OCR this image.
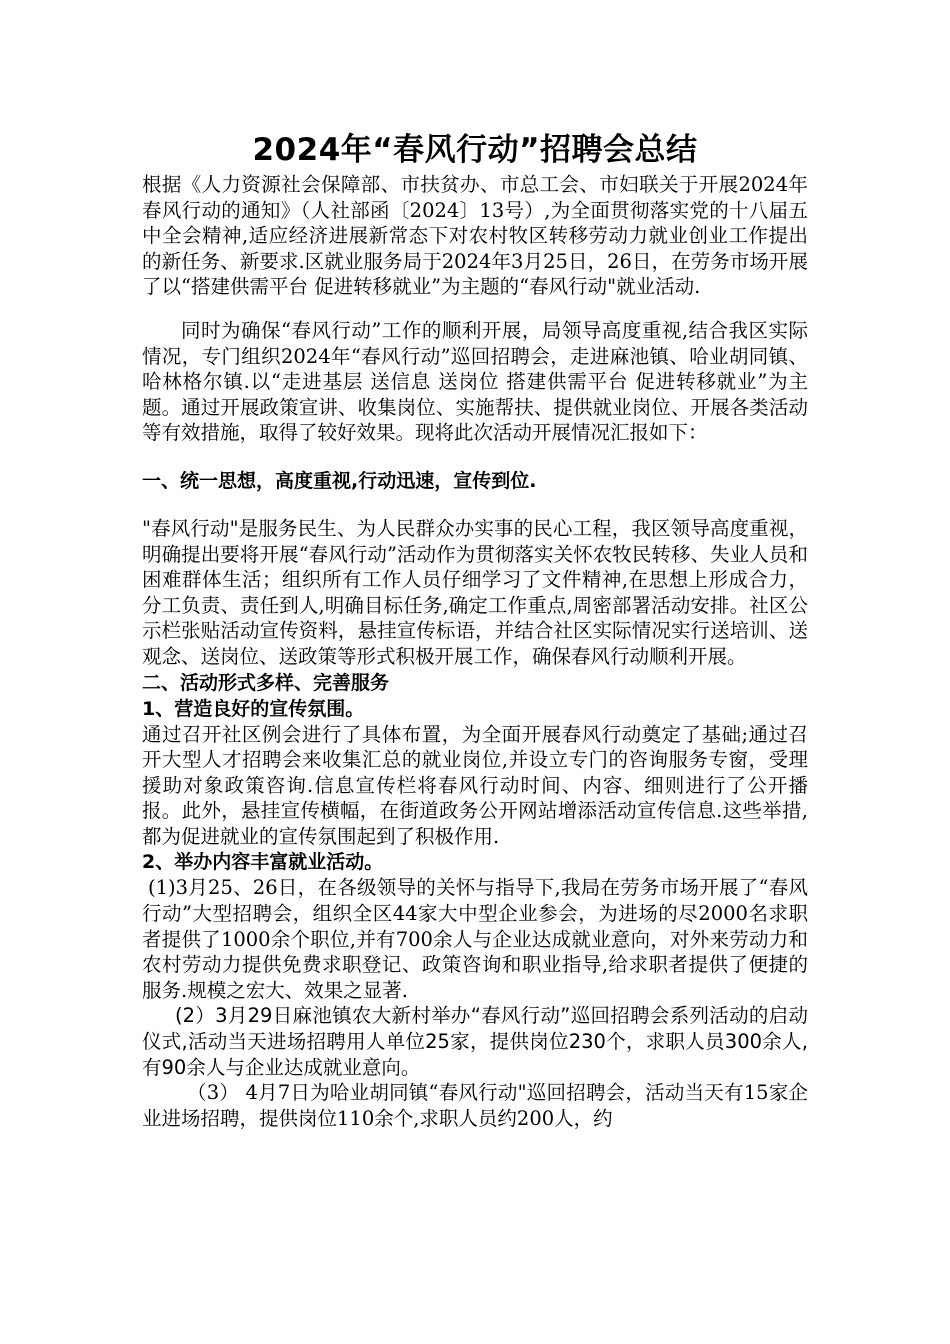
2024年“春风行动”招聘会总结

根据《人力资源社会保障部、市扶贫办、市总工会、市妇联关于开展2024年春风行动的通知》（人社部函〔2024〕13号）,为全面贯彻落实党的十八届五中全会精神,适应经济进展新常态下对农村牧区转移劳动力就业创业工作提出的新任务、新要求.区就业服务局于2024年3月25日，26日，在劳务市场开展了以“搭建供需平台 促进转移就业”为主题的“春风行动"就业活动.

同时为确保“春风行动”工作的顺利开展，局领导高度重视,结合我区实际情况，专门组织2024年“春风行动”巡回招聘会，走进麻池镇、哈业胡同镇、哈林格尔镇.以“走进基层 送信息 送岗位 搭建供需平台 促进转移就业”为主题。通过开展政策宣讲、收集岗位、实施帮扶、提供就业岗位、开展各类活动等有效措施，取得了较好效果。现将此次活动开展情况汇报如下：

一、统一思想，高度重视,行动迅速，宣传到位.

"春风行动"是服务民生、为人民群众办实事的民心工程，我区领导高度重视， 明确提出要将开展“春风行动”活动作为贯彻落实关怀农牧民转移、失业人员和困难群体生活；组织所有工作人员仔细学习了文件精神,在思想上形成合力，分工负责、责任到人,明确目标任务,确定工作重点,周密部署活动安排。社区公示栏张贴活动宣传资料，悬挂宣传标语，并结合社区实际情况实行送培训、送观念、送岗位、送政策等形式积极开展工作，确保春风行动顺利开展。

二、活动形式多样、完善服务
1、营造良好的宣传氛围。

通过召开社区例会进行了具体布置，为全面开展春风行动奠定了基础;通过召开大型人才招聘会来收集汇总的就业岗位,并设立专门的咨询服务专窗，受理援助对象政策咨询.信息宣传栏将春风行动时间、内容、细则进行了公开播报。此外，悬挂宣传横幅，在街道政务公开网站增添活动宣传信息.这些举措,都为促进就业的宣传氛围起到了积极作用.

2、举办内容丰富就业活动。

(1)3月25、26日，在各级领导的关怀与指导下,我局在劳务市场开展了“春风行动”大型招聘会，组织全区44家大中型企业参会，为进场的尽2000名求职者提供了1000余个职位,并有700余人与企业达成就业意向，对外来劳动力和农村劳动力提供免费求职登记、政策咨询和职业指导,给求职者提供了便捷的服务.规模之宏大、效果之显著.

(2）3月29日麻池镇农大新村举办“春风行动”巡回招聘会系列活动的启动仪式,活动当天进场招聘用人单位25家，提供岗位230个，求职人员300余人,有90余人与企业达成就业意向。

（3） 4月7日为哈业胡同镇“春风行动"巡回招聘会，活动当天有15家企业进场招聘，提供岗位110余个,求职人员约200人，约
